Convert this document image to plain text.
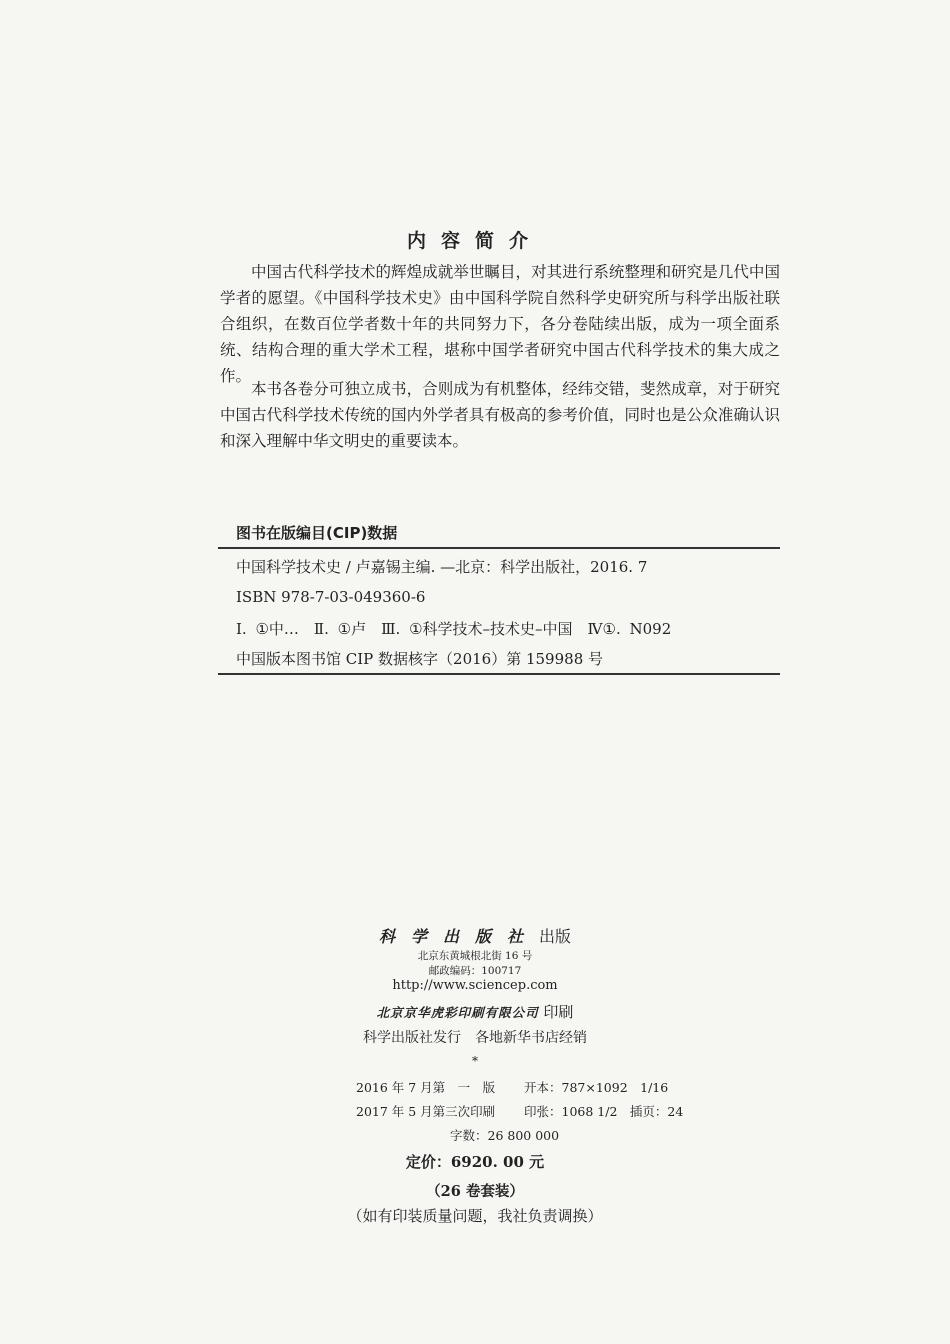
内容简介

中国古代科学技术的辉煌成就举世瞩目，对其进行系统整理和研究是几代中国学者的愿望。《中国科学技术史》由中国科学院自然科学史研究所与科学出版社联合组织，在数百位学者数十年的共同努力下，各分卷陆续出版，成为一项全面系统、结构合理的重大学术工程，堪称中国学者研究中国古代科学技术的集大成之作。

本书各卷分可独立成书，合则成为有机整体，经纬交错，斐然成章，对于研究中国古代科学技术传统的国内外学者具有极高的参考价值，同时也是公众准确认识和深入理解中华文明史的重要读本。

图书在版编目(CIP)数据
中国科学技术史 / 卢嘉锡主编. —北京：科学出版社，2016. 7
ISBN 978-7-03-049360-6
Ⅰ. ①中…　Ⅱ. ①卢　Ⅲ. ①科学技术–技术史–中国　Ⅳ①. N092
中国版本图书馆 CIP 数据核字（2016）第 159988 号
科学出版社出版
北京东黄城根北街 16 号
邮政编码：100717
http://www.sciencep.com
北京京华虎彩印刷有限公司 印刷
科学出版社发行　各地新华书店经销
*
2016 年 7 月第　一　版 开本：787×1092　1/16
2017 年 5 月第三次印刷 印张：1068 1/2　插页：24
字数：26 800 000
定价：6920. 00 元
（26 卷套装）
（如有印装质量问题，我社负责调换）
